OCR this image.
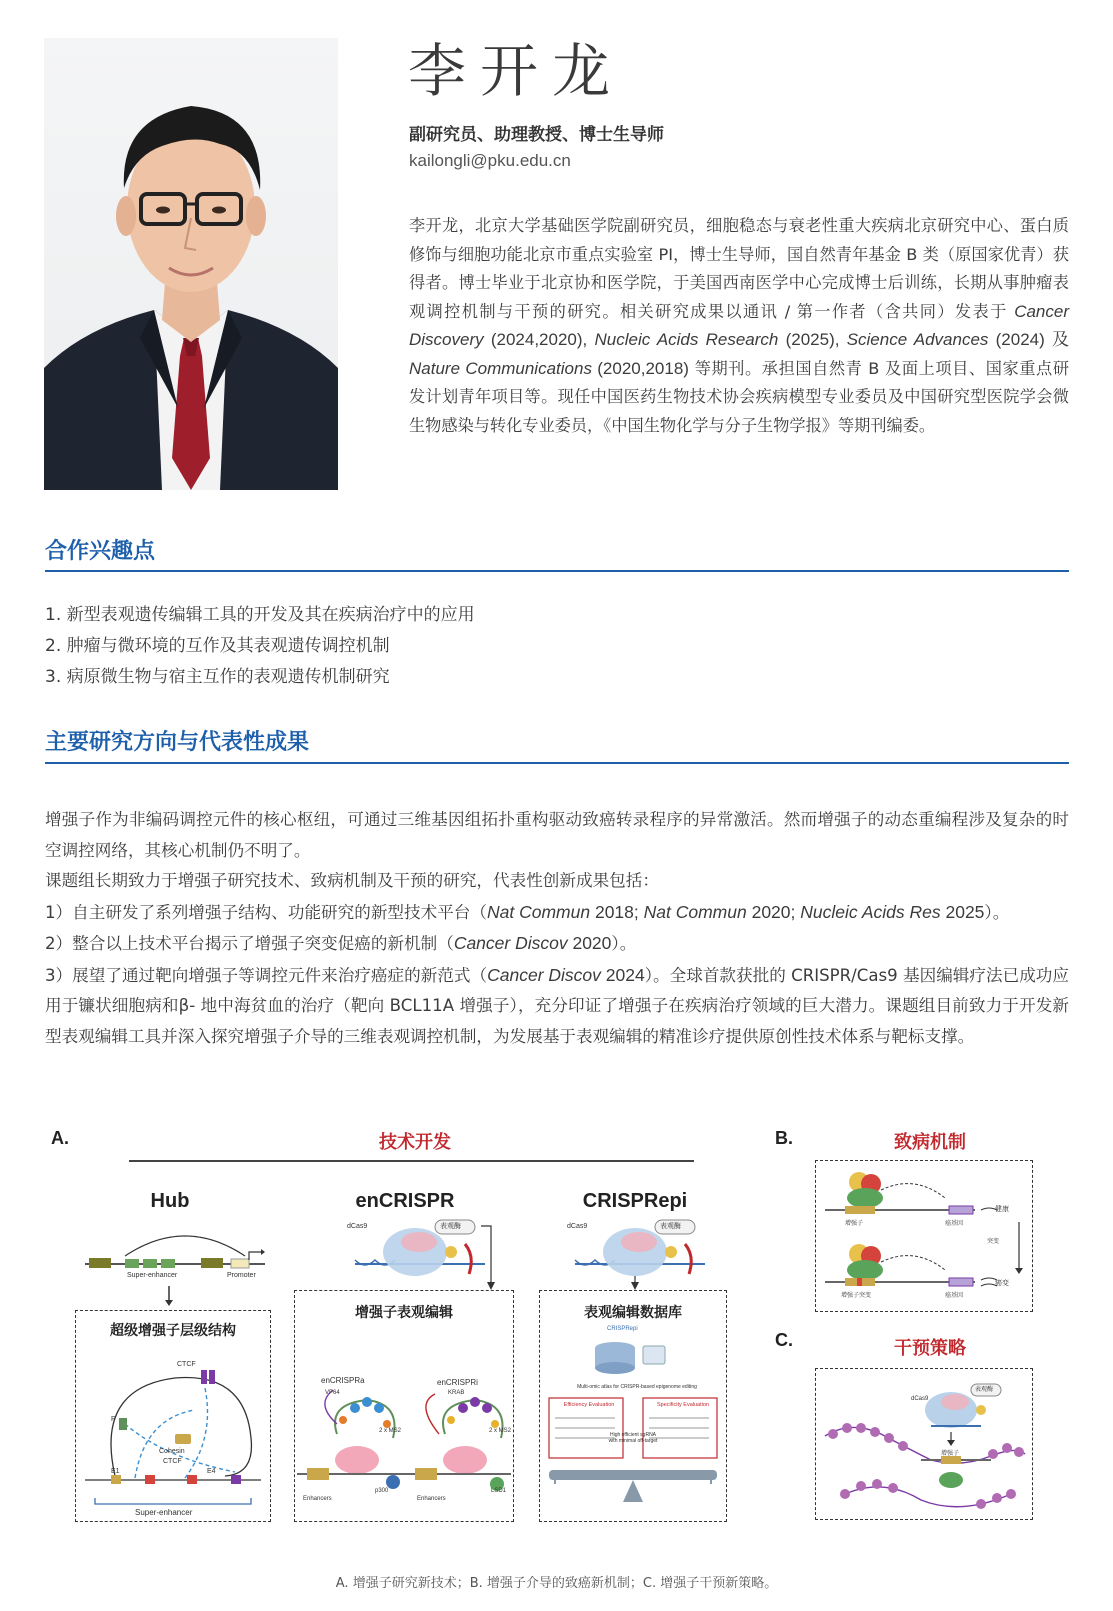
李开龙
副研究员、助理教授、博士生导师
kailongli@pku.edu.cn
李开龙，北京大学基础医学院副研究员，细胞稳态与衰老性重大疾病北京研究中心、蛋白质修饰与细胞功能北京市重点实验室 PI，博士生导师，国自然青年基金 B 类（原国家优青）获得者。博士毕业于北京协和医学院，于美国西南医学中心完成博士后训练，长期从事肿瘤表观调控机制与干预的研究。相关研究成果以通讯 / 第一作者（含共同）发表于 Cancer Discovery (2024,2020), Nucleic Acids Research (2025), Science Advances (2024) 及 Nature Communications (2020,2018) 等期刊。承担国自然青 B 及面上项目、国家重点研发计划青年项目等。现任中国医药生物技术协会疾病模型专业委员及中国研究型医院学会微生物感染与转化专业委员，《中国生物化学与分子生物学报》等期刊编委。
合作兴趣点
1. 新型表观遗传编辑工具的开发及其在疾病治疗中的应用
2. 肿瘤与微环境的互作及其表观遗传调控机制
3. 病原微生物与宿主互作的表观遗传机制研究
主要研究方向与代表性成果

增强子作为非编码调控元件的核心枢纽，可通过三维基因组拓扑重构驱动致癌转录程序的异常激活。然而增强子的动态重编程涉及复杂的时空调控网络，其核心机制仍不明了。

课题组长期致力于增强子研究技术、致病机制及干预的研究，代表性创新成果包括：

1）自主研发了系列增强子结构、功能研究的新型技术平台（Nat Commun 2018; Nat Commun 2020; Nucleic Acids Res 2025）。

2）整合以上技术平台揭示了增强子突变促癌的新机制（Cancer Discov 2020）。

3）展望了通过靶向增强子等调控元件来治疗癌症的新范式（Cancer Discov 2024）。全球首款获批的 CRISPR/Cas9 基因编辑疗法已成功应用于镰状细胞病和β- 地中海贫血的治疗（靶向 BCL11A 增强子），充分印证了增强子在疾病治疗领域的巨大潜力。课题组目前致力于开发新型表观编辑工具并深入探究增强子介导的三维表观调控机制，为发展基于表观编辑的精准诊疗提供原创性技术体系与靶标支撑。

A.	B.
C.
技术开发
Hub	enCRISPR	CRISPRepi
Super-enhancer	Promoter
超级增强子层级结构
CTCF
P
Cohesin
CTCF
E1	E4
Super-enhancer
dCas9	表观酶
增强子表观编辑
enCRISPRa	enCRISPRi
VP64	KRAB
2 x MS2	2 x MS2
p300	LSD1
Enhancers	Enhancers
dCas9	表观酶
表观编辑数据库
CRISPRepi
Multi-omic atlas for CRISPR-based epigenome editing
Efficiency Evaluation	Specificity Evaluation
High efficient sgRNA with minimal off-target
致病机制
增强子	癌基因
健康
突变
增强子突变	癌基因
癌变
干预策略
dCas9
表观酶
增强子
A. 增强子研究新技术；B. 增强子介导的致癌新机制；C. 增强子干预新策略。
